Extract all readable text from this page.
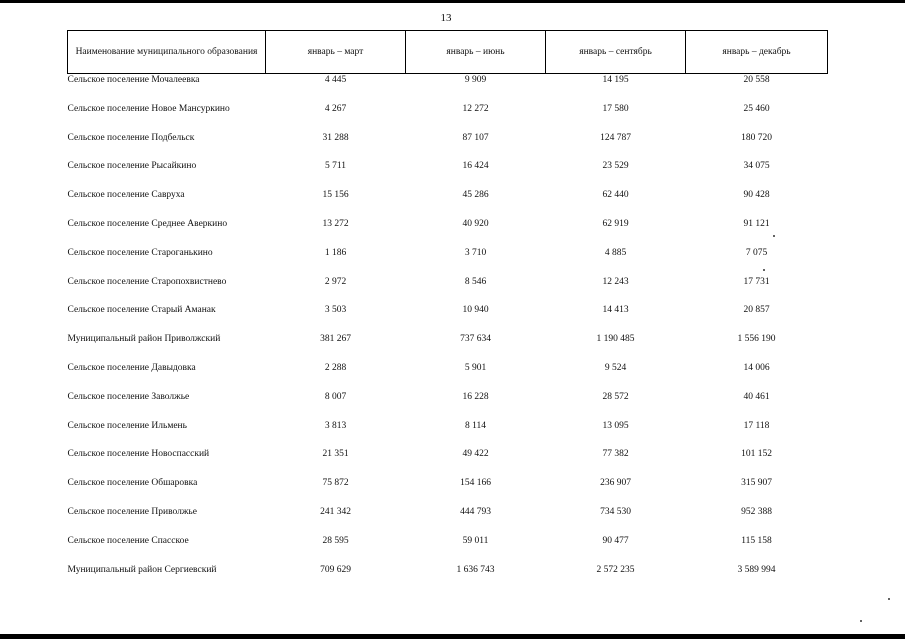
13
Наименование муниципального образования	январь – март	январь – июнь	январь – сентябрь	январь – декабрь
Сельское поселение Мочалеевка	4 445	9 909	14 195	20 558
Сельское поселение Новое Мансуркино	4 267	12 272	17 580	25 460
Сельское поселение Подбельск	31 288	87 107	124 787	180 720
Сельское поселение Рысайкино	5 711	16 424	23 529	34 075
Сельское поселение Савруха	15 156	45 286	62 440	90 428
Сельское поселение Среднее Аверкино	13 272	40 920	62 919	91 121
Сельское поселение Староганькино	1 186	3 710	4 885	7 075
Сельское поселение Старопохвистнево	2 972	8 546	12 243	17 731
Сельское поселение Старый Аманак	3 503	10 940	14 413	20 857
Муниципальный район Приволжский	381 267	737 634	1 190 485	1 556 190
Сельское поселение Давыдовка	2 288	5 901	9 524	14 006
Сельское поселение Заволжье	8 007	16 228	28 572	40 461
Сельское поселение Ильмень	3 813	8 114	13 095	17 118
Сельское поселение Новоспасский	21 351	49 422	77 382	101 152
Сельское поселение Обшаровка	75 872	154 166	236 907	315 907
Сельское поселение Приволжье	241 342	444 793	734 530	952 388
Сельское поселение Спасское	28 595	59 011	90 477	115 158
Муниципальный район Сергиевский	709 629	1 636 743	2 572 235	3 589 994
